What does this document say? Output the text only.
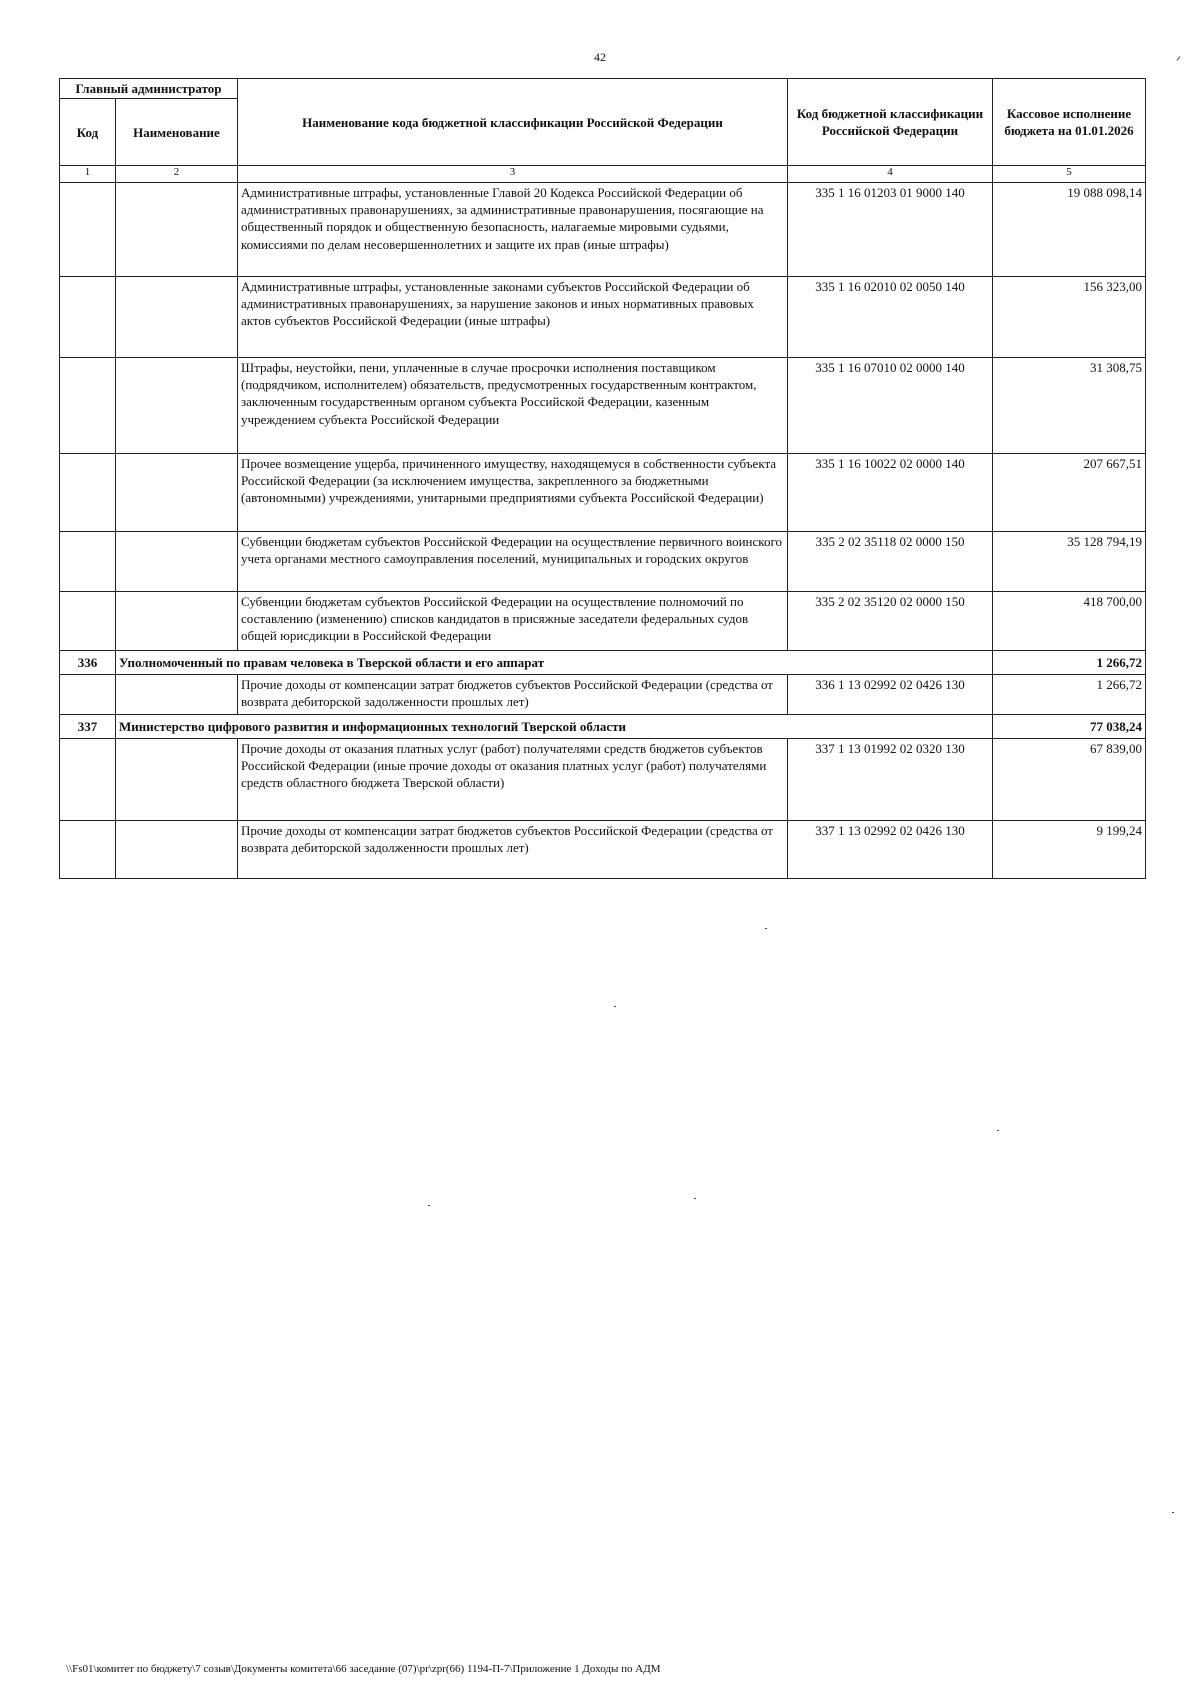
42
Главный администратор		Наименование кода бюджетной классификации Российской Федерации	Код бюджетной классификации Российской Федерации	Кассовое исполнение бюджета на 01.01.2026
Код	Наименование			
1	2	3	4	5
		Административные штрафы, установленные Главой 20 Кодекса Российской Федерации об административных правонарушениях, за административные правонарушения, посягающие на общественный порядок и общественную безопасность, налагаемые мировыми судьями, комиссиями по делам несовершеннолетних и защите их прав (иные штрафы)	335 1 16 01203 01 9000 140	19 088 098,14
		Административные штрафы, установленные законами субъектов Российской Федерации об административных правонарушениях, за нарушение законов и иных нормативных правовых актов субъектов Российской Федерации (иные штрафы)	335 1 16 02010 02 0050 140	156 323,00
		Штрафы, неустойки, пени, уплаченные в случае просрочки исполнения поставщиком (подрядчиком, исполнителем) обязательств, предусмотренных государственным контрактом, заключенным государственным органом субъекта Российской Федерации, казенным учреждением субъекта Российской Федерации	335 1 16 07010 02 0000 140	31 308,75
		Прочее возмещение ущерба, причиненного имуществу, находящемуся в собственности субъекта Российской Федерации (за исключением имущества, закрепленного за бюджетными (автономными) учреждениями, унитарными предприятиями субъекта Российской Федерации)	335 1 16 10022 02 0000 140	207 667,51
		Субвенции бюджетам субъектов Российской Федерации на осуществление первичного воинского учета органами местного самоуправления поселений, муниципальных и городских округов	335 2 02 35118 02 0000 150	35 128 794,19
		Субвенции бюджетам субъектов Российской Федерации на осуществление полномочий по составлению (изменению) списков кандидатов в присяжные заседатели федеральных судов общей юрисдикции в Российской Федерации	335 2 02 35120 02 0000 150	418 700,00
336	Уполномоченный по правам человека в Тверской области и его аппарат			1 266,72
		Прочие доходы от компенсации затрат бюджетов субъектов Российской Федерации (средства от возврата дебиторской задолженности прошлых лет)	336 1 13 02992 02 0426 130	1 266,72
337	Министерство цифрового развития и информационных технологий Тверской области			77 038,24
		Прочие доходы от оказания платных услуг (работ) получателями средств бюджетов субъектов Российской Федерации (иные прочие доходы от оказания платных услуг (работ) получателями средств областного бюджета Тверской области)	337 1 13 01992 02 0320 130	67 839,00
		Прочие доходы от компенсации затрат бюджетов субъектов Российской Федерации (средства от возврата дебиторской задолженности прошлых лет)	337 1 13 02992 02 0426 130	9 199,24
\\Fs01\комитет по бюджету\7 созыв\Документы комитета\66 заседание (07)\pr\zpr(66) 1194-П-7\Приложение 1 Доходы по АДМ
